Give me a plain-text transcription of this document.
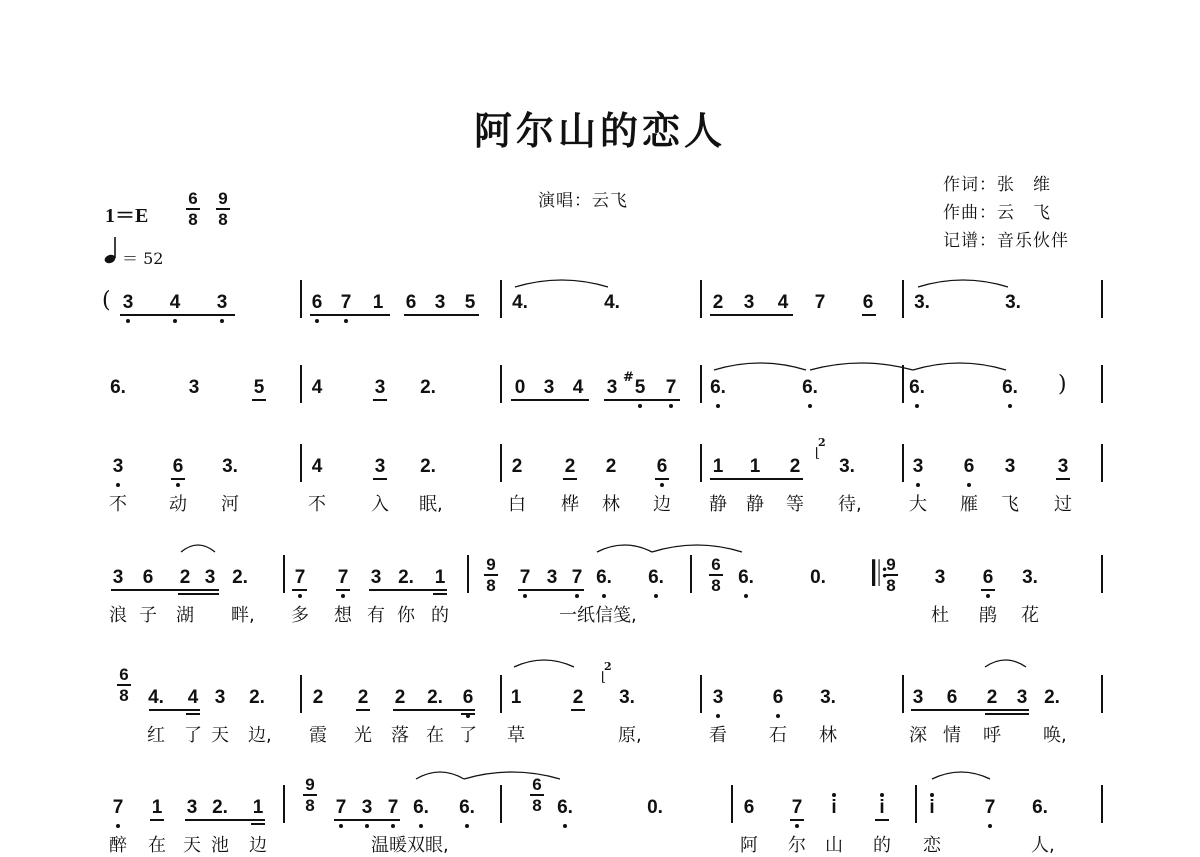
阿尔山的恋人
演唱：云飞
作词：张　维
作曲：云　飞
记谱：音乐伙伴
1＝E
6
8
9
8
＝ 52
3 4 3	6 7 1 6 3 5 4.	4.	2 3 4 7 6 3.	3.
6.	3	5 4	3 2.	0 3 4 3 5 7 6.	6.	6.	6.
3	6 3.	4	3 2.	2 2 2 6 1 1 2 3.	3 6 3 3
不 动 河	不	入 眠,	白 桦 林 边 静 静 等 待,	大 雁 飞 过
3 6 2 3 2. 7 7 3 2. 1	7 3 7 6. 6.	6.	0.	3 6 3.
浪 子 湖 畔, 多 想 有 你 的	一纸信笺,	杜 鹃 花
4. 4 3 2.	2 2 2 2. 6 1	2 3.	3	6 3.	3 6 2 3 2.
红 了 天 边, 霞 光 落 在 了 草	原,	看 石 林	深 情 呼 唤,
7 1 3 2. 1	7 3 7 6. 6.	6.	0.	6 7	i	i	i	7 6.
醉 在 天 池 边	温暖双眼,	阿 尔 山 的 恋	人,
(
)
#
2
⌊
2
⌊
9
8
6
8
9
8
6
8
9
8
6
8
𝄆
